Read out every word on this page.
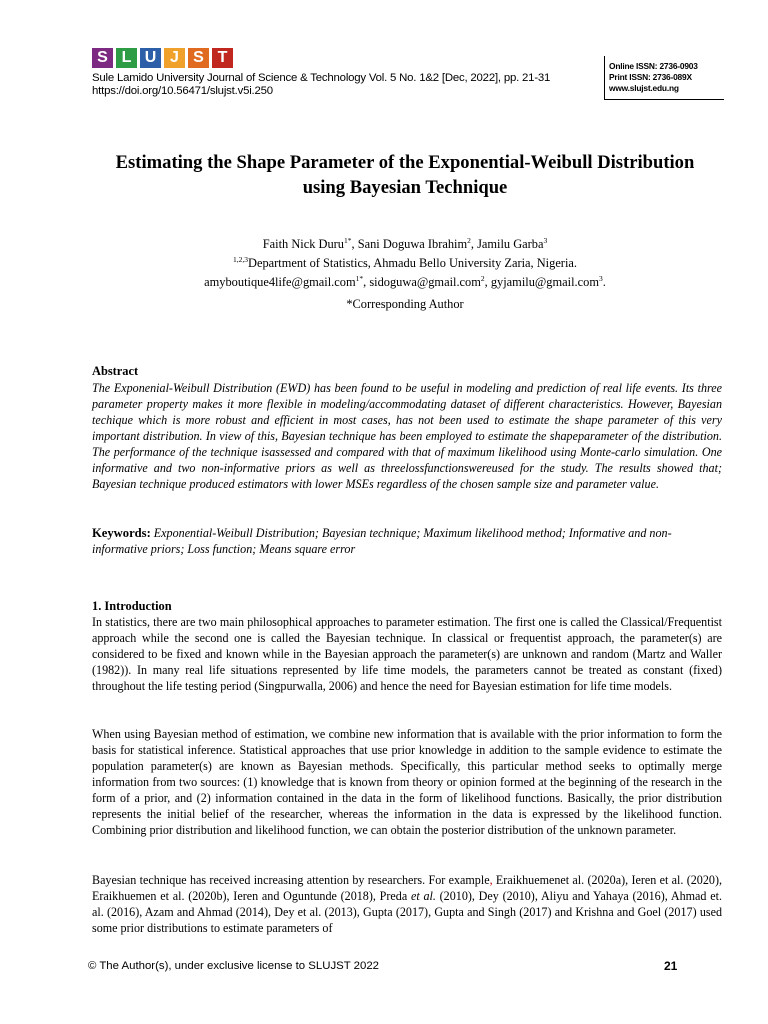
S L U J S T
Sule Lamido University Journal of Science & Technology Vol. 5 No. 1&2 [Dec, 2022], pp. 21-31
https://doi.org/10.56471/slujst.v5i.250
Online ISSN: 2736-0903
Print ISSN: 2736-089X
www.slujst.edu.ng
Estimating the Shape Parameter of the Exponential-Weibull Distribution
using Bayesian Technique
Faith Nick Duru$^{1*}$, Sani Doguwa Ibrahim$^2$, Jamilu Garba$^3$
$^{1,2,3}$Department of Statistics, Ahmadu Bello University Zaria, Nigeria.
amyboutique4life@gmail.com$^{1*}$, sidoguwa@gmail.com$^2$, gyjamilu@gmail.com$^3$.
*Corresponding Author
Abstract
The Exponenial-Weibull Distribution (EWD) has been found to be useful in modeling and prediction of real life events. Its three parameter property makes it more flexible in modeling/accommodating dataset of different characteristics. However, Bayesian techique which is more robust and efficient in most cases, has not been used to estimate the shape parameter of this very important distribution. In view of this, Bayesian technique has been employed to estimate the shapeparameter of the distribution. The performance of the technique isassessed and compared with that of maximum likelihood using Monte-carlo simulation. One informative and two non-informative priors as well as threelossfunctionswereused for the study. The results showed that; Bayesian technique produced estimators with lower MSEs regardless of the chosen sample size and parameter value.
Keywords: Exponential-Weibull Distribution; Bayesian technique; Maximum likelihood method; Informative and non-informative priors; Loss function; Means square error
1. Introduction
In statistics, there are two main philosophical approaches to parameter estimation. The first one is called the Classical/Frequentist approach while the second one is called the Bayesian technique. In classical or frequentist approach, the parameter(s) are considered to be fixed and known while in the Bayesian approach the parameter(s) are unknown and random (Martz and Waller (1982)). In many real life situations represented by life time models, the parameters cannot be treated as constant (fixed) throughout the life testing period (Singpurwalla, 2006) and hence the need for Bayesian estimation for life time models.
When using Bayesian method of estimation, we combine new information that is available with the prior information to form the basis for statistical inference. Statistical approaches that use prior knowledge in addition to the sample evidence to estimate the population parameter(s) are known as Bayesian methods. Specifically, this particular method seeks to optimally merge information from two sources: (1) knowledge that is known from theory or opinion formed at the beginning of the research in the form of a prior, and (2) information contained in the data in the form of likelihood functions. Basically, the prior distribution represents the initial belief of the researcher, whereas the information in the data is expressed by the likelihood function. Combining prior distribution and likelihood function, we can obtain the posterior distribution of the unknown parameter.
Bayesian technique has received increasing attention by researchers. For example, Eraikhuemenet al. (2020a), Ieren et al. (2020), Eraikhuemen et al. (2020b), Ieren and Oguntunde (2018), Preda et al. (2010), Dey (2010), Aliyu and Yahaya (2016), Ahmad et. al. (2016), Azam and Ahmad (2014), Dey et al. (2013), Gupta (2017), Gupta and Singh (2017) and Krishna and Goel (2017) used some prior distributions to estimate parameters of
© The Author(s), under exclusive license to SLUJST 2022	21
